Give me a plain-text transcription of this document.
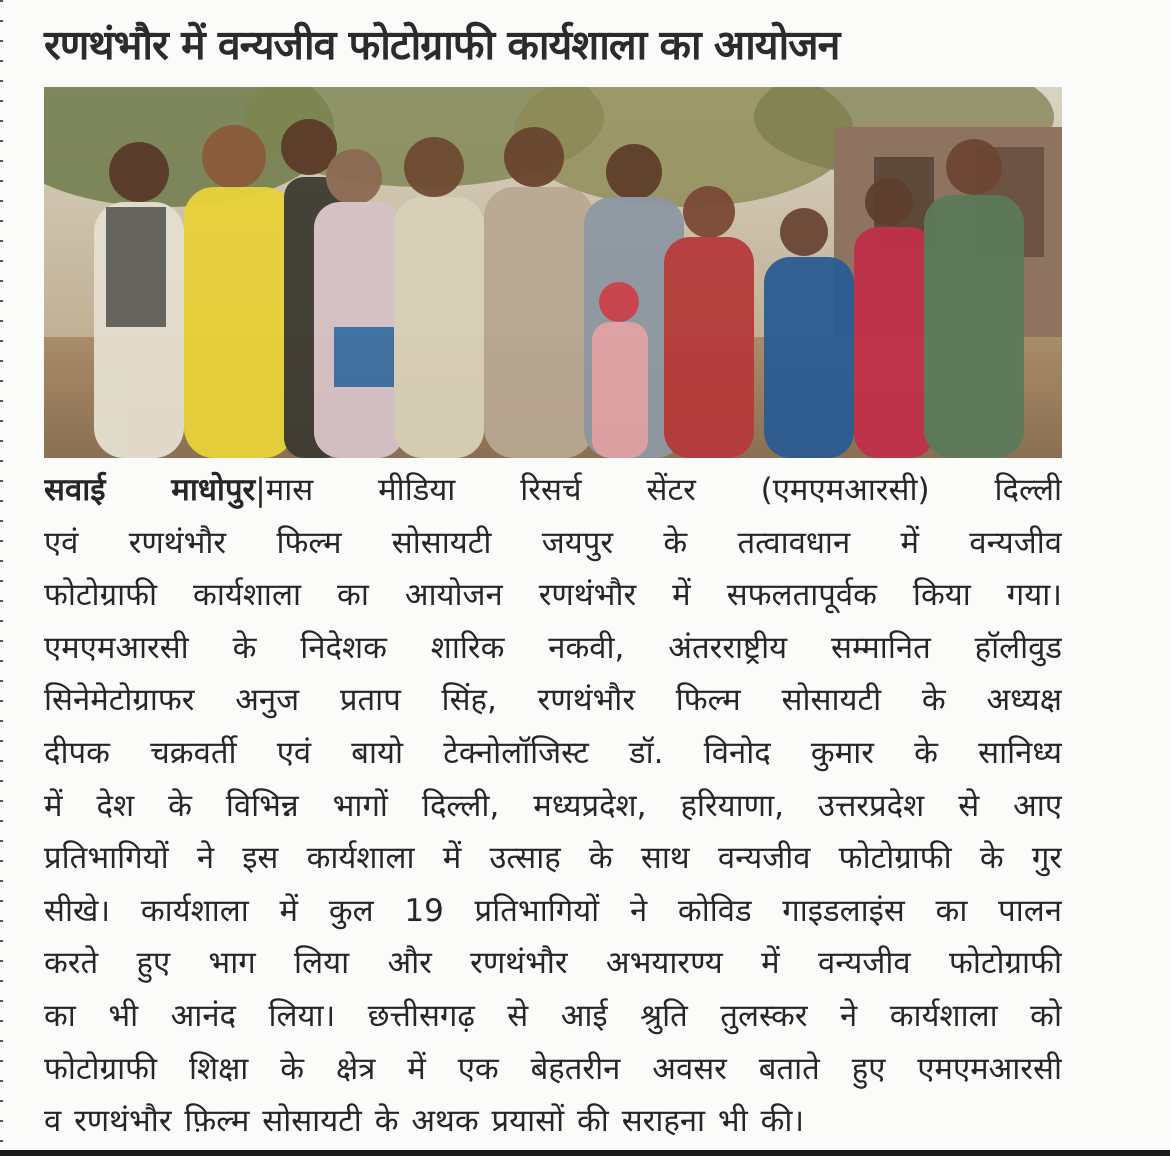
रणथंभौर में वन्यजीव फोटोग्राफी कार्यशाला का आयोजन
सवाई माधोपुर|मास मीडिया रिसर्च सेंटर (एमएमआरसी) दिल्ली
एवं रणथंभौर फिल्म सोसायटी जयपुर के तत्वावधान में वन्यजीव
फोटोग्राफी कार्यशाला का आयोजन रणथंभौर में सफलतापूर्वक किया गया।
एमएमआरसी के निदेशक शारिक नकवी, अंतरराष्ट्रीय सम्मानित हॉलीवुड
सिनेमेटोग्राफर अनुज प्रताप सिंह, रणथंभौर फिल्म सोसायटी के अध्यक्ष
दीपक चक्रवर्ती एवं बायो टेक्नोलॉजिस्ट डॉ. विनोद कुमार के सानिध्य
में देश के विभिन्न भागों दिल्ली, मध्यप्रदेश, हरियाणा, उत्तरप्रदेश से आए
प्रतिभागियों ने इस कार्यशाला में उत्साह के साथ वन्यजीव फोटोग्राफी के गुर
सीखे। कार्यशाला में कुल 19 प्रतिभागियों ने कोविड गाइडलाइंस का पालन
करते हुए भाग लिया और रणथंभौर अभयारण्य में वन्यजीव फोटोग्राफी
का भी आनंद लिया। छत्तीसगढ़ से आई श्रुति तुलस्कर ने कार्यशाला को
फोटोग्राफी शिक्षा के क्षेत्र में एक बेहतरीन अवसर बताते हुए एमएमआरसी
व रणथंभौर फ़िल्म सोसायटी के अथक प्रयासों की सराहना भी की।
